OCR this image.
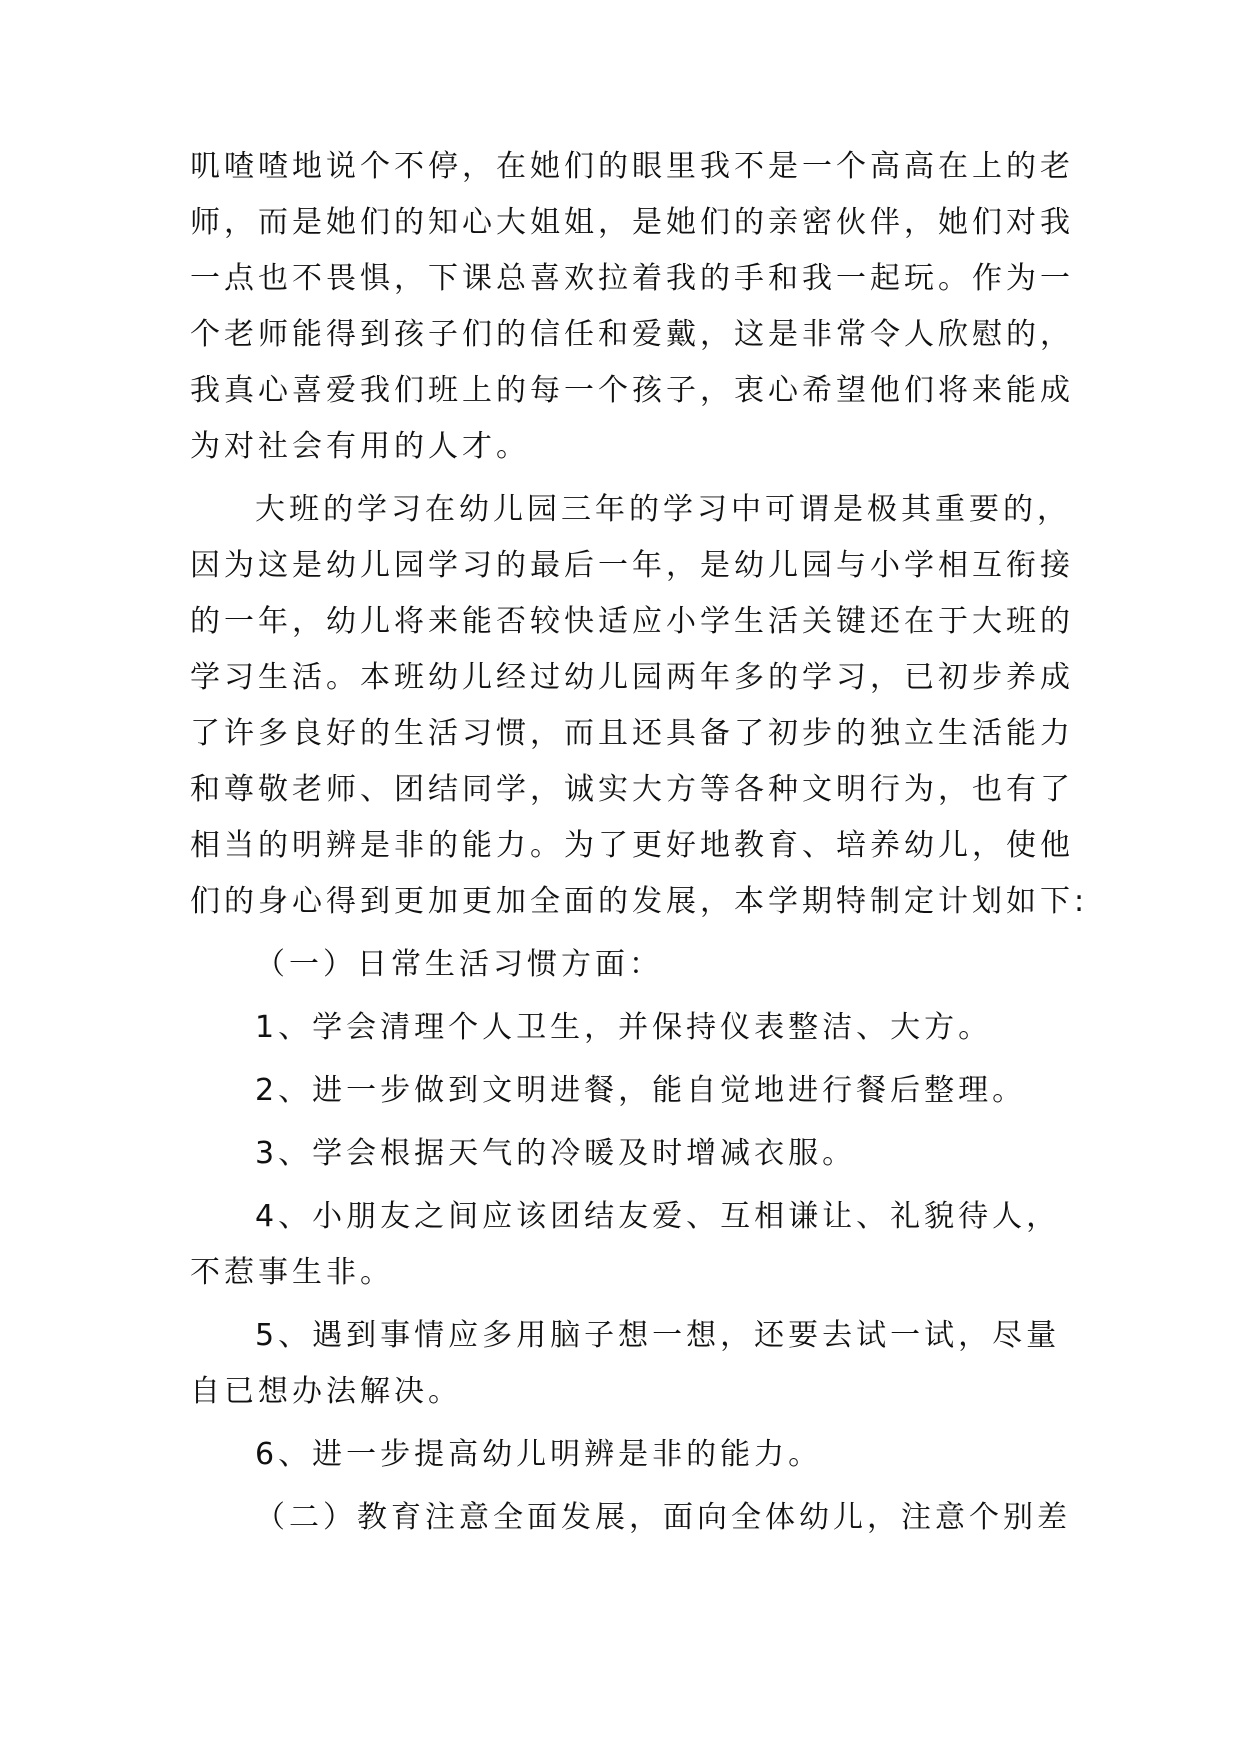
叽喳喳地说个不停，在她们的眼里我不是一个高高在上的老
师，而是她们的知心大姐姐，是她们的亲密伙伴，她们对我
一点也不畏惧，下课总喜欢拉着我的手和我一起玩。作为一
个老师能得到孩子们的信任和爱戴，这是非常令人欣慰的，
我真心喜爱我们班上的每一个孩子，衷心希望他们将来能成
为对社会有用的人才。
大班的学习在幼儿园三年的学习中可谓是极其重要的，
因为这是幼儿园学习的最后一年，是幼儿园与小学相互衔接
的一年，幼儿将来能否较快适应小学生活关键还在于大班的
学习生活。本班幼儿经过幼儿园两年多的学习，已初步养成
了许多良好的生活习惯，而且还具备了初步的独立生活能力
和尊敬老师、团结同学，诚实大方等各种文明行为，也有了
相当的明辨是非的能力。为了更好地教育、培养幼儿，使他
们的身心得到更加更加全面的发展，本学期特制定计划如下:
（一）日常生活习惯方面：
1、学会清理个人卫生，并保持仪表整洁、大方。
2、进一步做到文明进餐，能自觉地进行餐后整理。
3、学会根据天气的冷暖及时增减衣服。
4、小朋友之间应该团结友爱、互相谦让、礼貌待人，
不惹事生非。
5、遇到事情应多用脑子想一想，还要去试一试，尽量
自已想办法解决。
6、进一步提高幼儿明辨是非的能力。
（二）教育注意全面发展，面向全体幼儿，注意个别差
